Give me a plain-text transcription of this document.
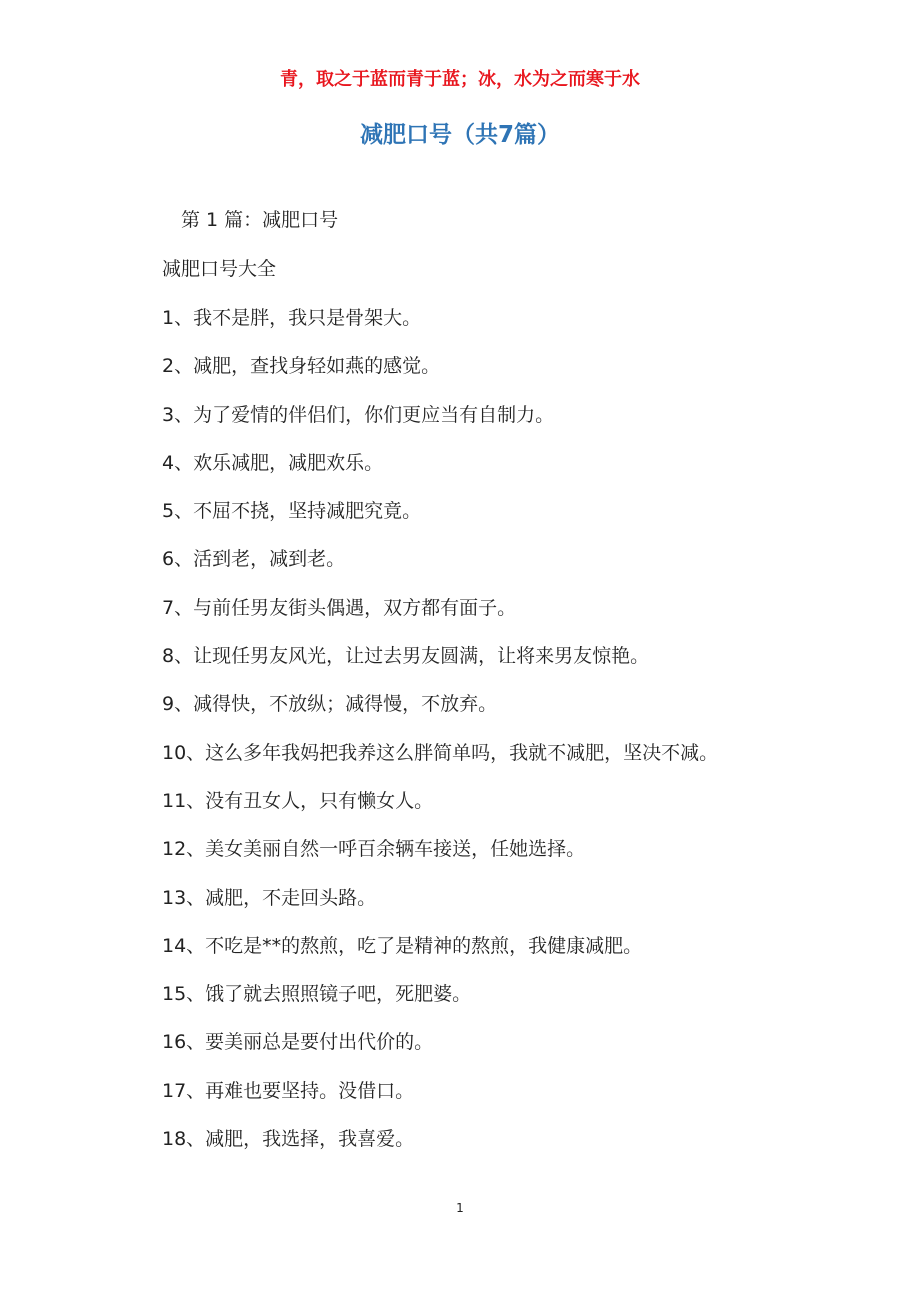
青，取之于蓝而青于蓝；冰，水为之而寒于水
减肥口号（共7篇）
第 1 篇：减肥口号
减肥口号大全
1、我不是胖，我只是骨架大。
2、减肥，查找身轻如燕的感觉。
3、为了爱情的伴侣们，你们更应当有自制力。
4、欢乐减肥，减肥欢乐。
5、不屈不挠，坚持减肥究竟。
6、活到老，减到老。
7、与前任男友街头偶遇，双方都有面子。
8、让现任男友风光，让过去男友圆满，让将来男友惊艳。
9、减得快，不放纵；减得慢，不放弃。
10、这么多年我妈把我养这么胖简单吗，我就不减肥，坚决不减。
11、没有丑女人，只有懒女人。
12、美女美丽自然一呼百余辆车接送，任她选择。
13、减肥，不走回头路。
14、不吃是**的熬煎，吃了是精神的熬煎，我健康减肥。
15、饿了就去照照镜子吧，死肥婆。
16、要美丽总是要付出代价的。
17、再难也要坚持。没借口。
18、减肥，我选择，我喜爱。
1
